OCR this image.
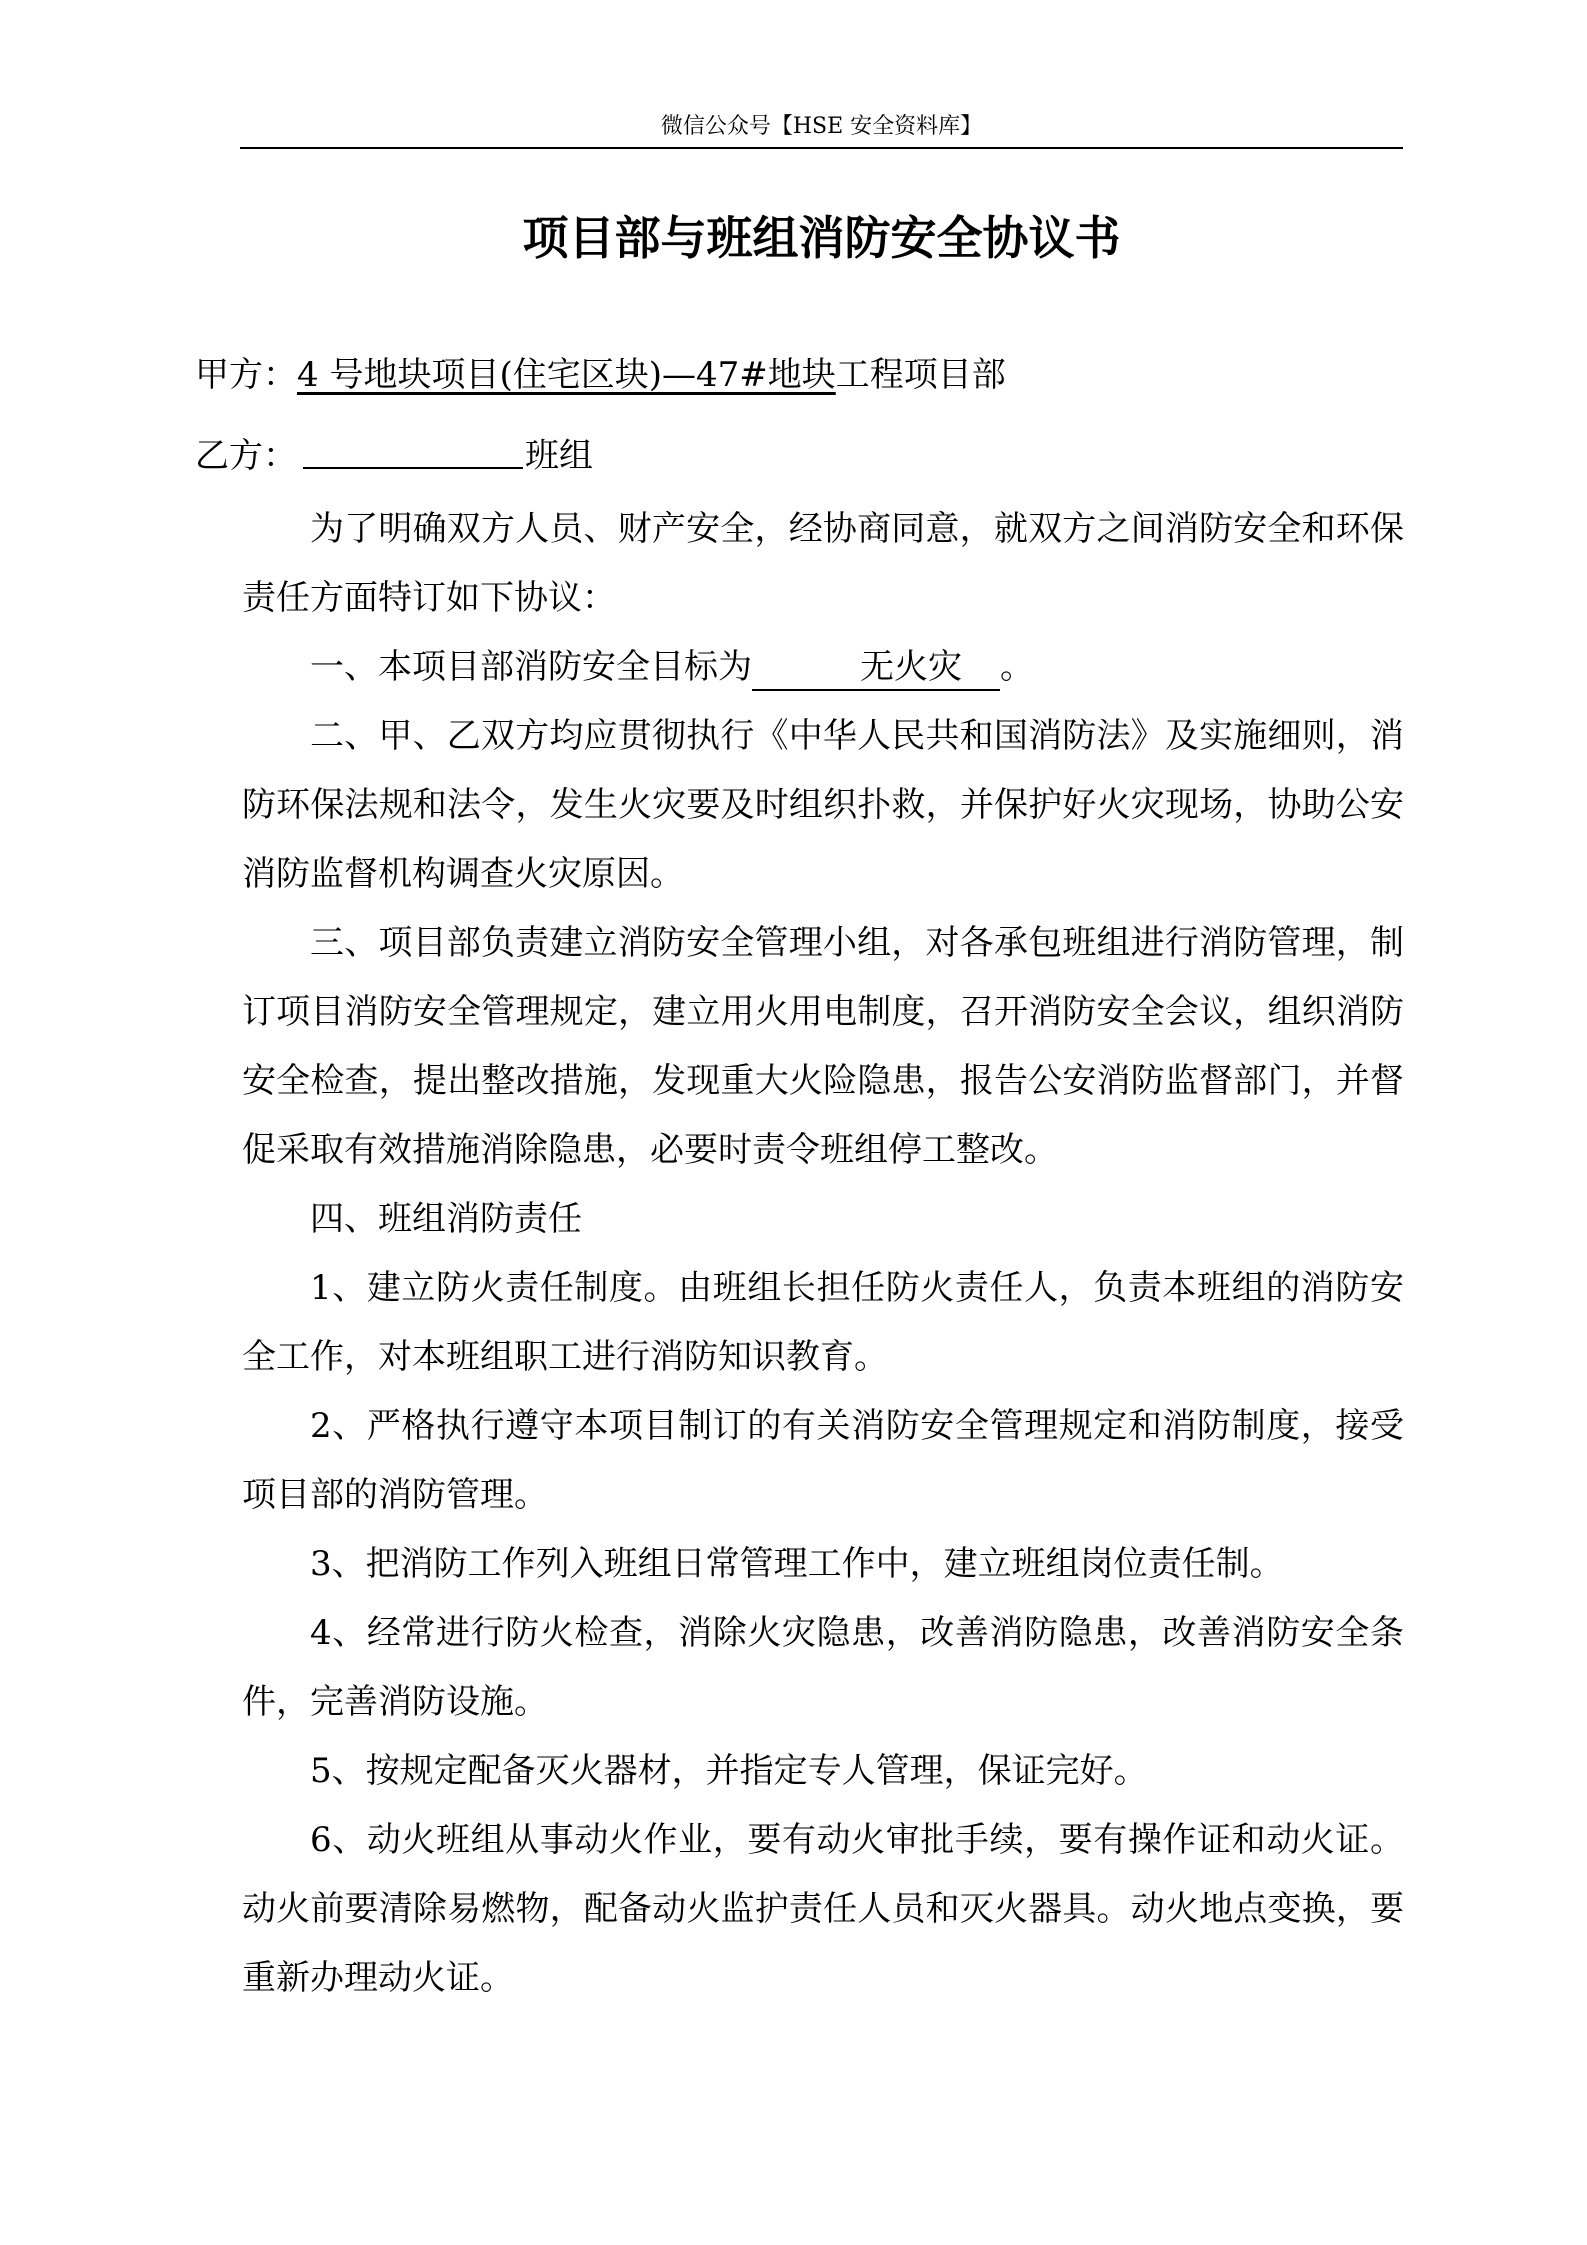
微信公众号【HSE 安全资料库】
项目部与班组消防安全协议书
甲方：4 号地块项目(住宅区块)—47#地块工程项目部
乙方：	班组

为了明确双方人员、财产安全，经协商同意，就双方之间消防安全和环保责任方面特订如下协议：

一、本项目部消防安全目标为	无火灾 。

二、甲、乙双方均应贯彻执行《中华人民共和国消防法》及实施细则，消防环保法规和法令，发生火灾要及时组织扑救，并保护好火灾现场，协助公安消防监督机构调查火灾原因。

三、项目部负责建立消防安全管理小组，对各承包班组进行消防管理，制订项目消防安全管理规定，建立用火用电制度，召开消防安全会议，组织消防安全检查，提出整改措施，发现重大火险隐患，报告公安消防监督部门，并督促采取有效措施消除隐患，必要时责令班组停工整改。

四、班组消防责任

1、建立防火责任制度。由班组长担任防火责任人，负责本班组的消防安全工作，对本班组职工进行消防知识教育。

2、严格执行遵守本项目制订的有关消防安全管理规定和消防制度，接受项目部的消防管理。

3、把消防工作列入班组日常管理工作中，建立班组岗位责任制。

4、经常进行防火检查，消除火灾隐患，改善消防隐患，改善消防安全条件，完善消防设施。

5、按规定配备灭火器材，并指定专人管理，保证完好。

6、动火班组从事动火作业，要有动火审批手续，要有操作证和动火证。动火前要清除易燃物，配备动火监护责任人员和灭火器具。动火地点变换，要重新办理动火证。
